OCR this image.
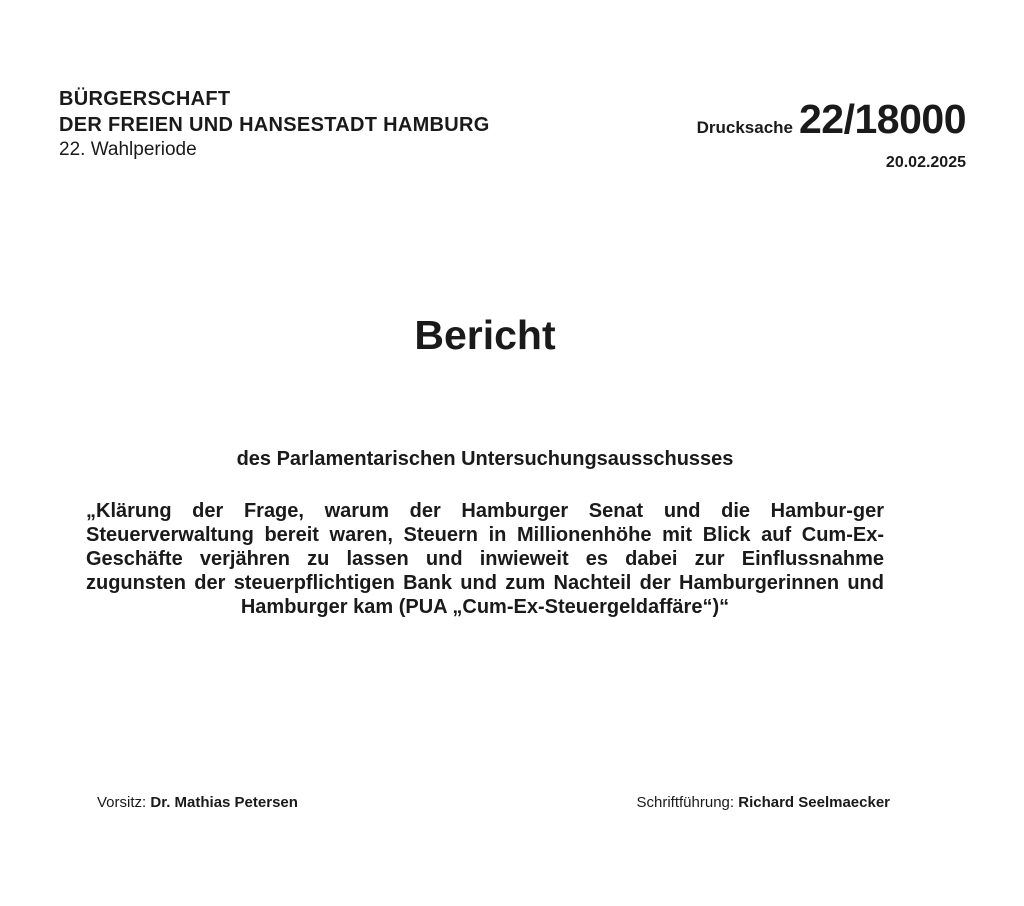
BÜRGERSCHAFT
DER FREIEN UND HANSESTADT HAMBURG
22. Wahlperiode
Drucksache 22/18000
20.02.2025
Bericht
des Parlamentarischen Untersuchungsausschusses
„Klärung der Frage, warum der Hamburger Senat und die Hambur-ger Steuerverwaltung bereit waren, Steuern in Millionenhöhe mit Blick auf Cum-Ex-Geschäfte verjähren zu lassen und inwieweit es dabei zur Einflussnahme zugunsten der steuerpflichtigen Bank und zum Nachteil der Hamburgerinnen und Hamburger kam (PUA „Cum-Ex-Steuergeldaffäre“)“
Vorsitz: Dr. Mathias Petersen	Schriftführung: Richard Seelmaecker
